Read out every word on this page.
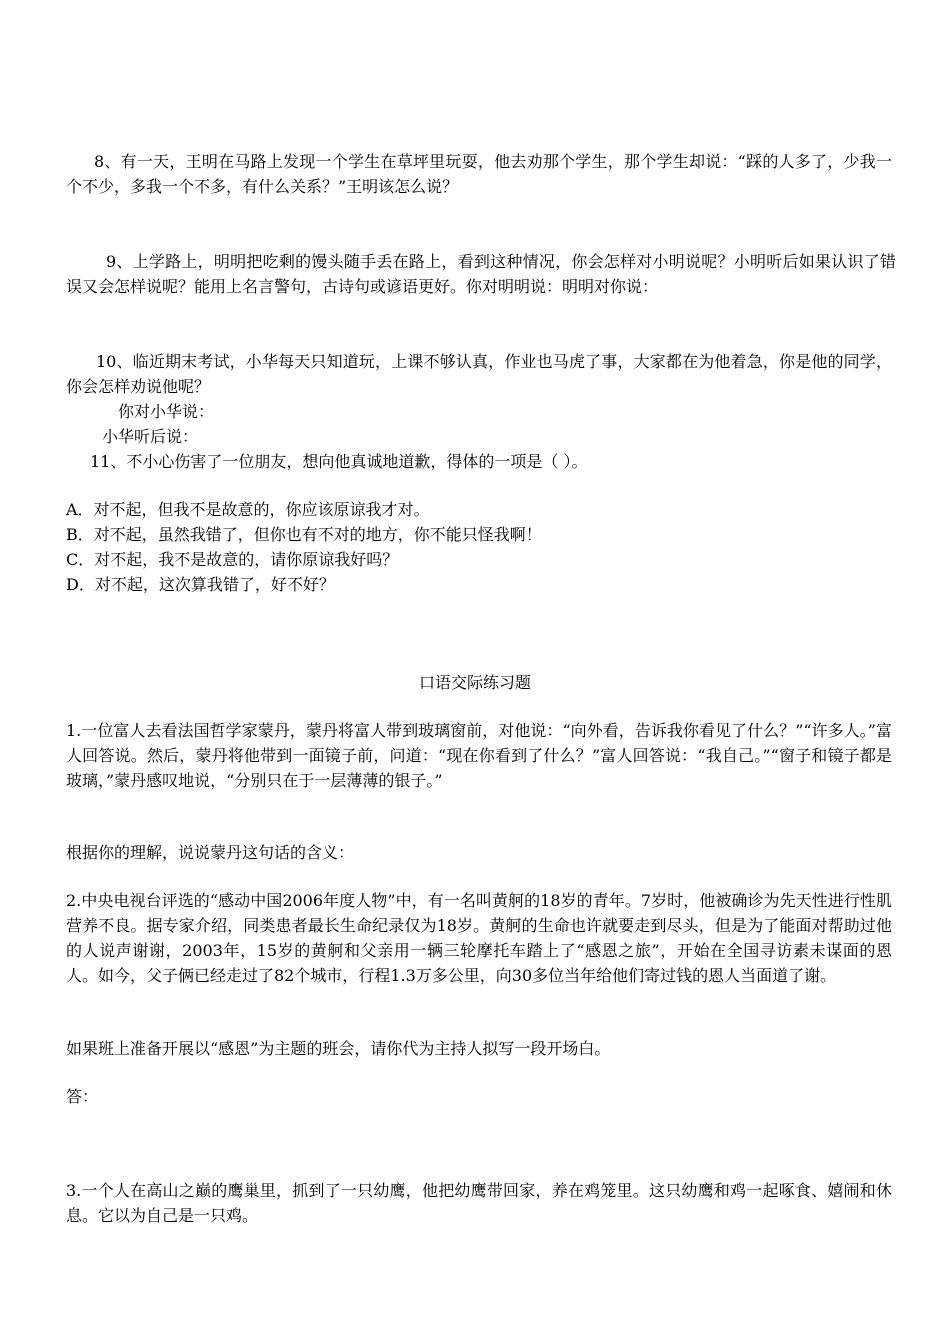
8、有一天，王明在马路上发现一个学生在草坪里玩耍，他去劝那个学生，那个学生却说：“踩的人多了，少我一个不少，多我一个不多，有什么关系？”王明该怎么说？

9、上学路上，明明把吃剩的馒头随手丢在路上，看到这种情况，你会怎样对小明说呢？小明听后如果认识了错误又会怎样说呢？能用上名言警句，古诗句或谚语更好。你对明明说：明明对你说：

10、临近期末考试，小华每天只知道玩，上课不够认真，作业也马虎了事，大家都在为他着急，你是他的同学，你会怎样劝说他呢？

你对小华说：

小华听后说：

11、不小心伤害了一位朋友，想向他真诚地道歉，得体的一项是（ ）。

A．对不起，但我不是故意的，你应该原谅我才对。

B．对不起，虽然我错了，但你也有不对的地方，你不能只怪我啊！

C．对不起，我不是故意的，请你原谅我好吗？

D．对不起，这次算我错了，好不好？

口语交际练习题

1.一位富人去看法国哲学家蒙丹，蒙丹将富人带到玻璃窗前，对他说：“向外看，告诉我你看见了什么？”“许多人。”富人回答说。然后，蒙丹将他带到一面镜子前，问道：“现在你看到了什么？”富人回答说：“我自己。”“窗子和镜子都是玻璃，”蒙丹感叹地说，“分别只在于一层薄薄的银子。”

根据你的理解，说说蒙丹这句话的含义：

2.中央电视台评选的“感动中国2006年度人物”中，有一名叫黄舸的18岁的青年。7岁时，他被确诊为先天性进行性肌营养不良。据专家介绍，同类患者最长生命纪录仅为18岁。黄舸的生命也许就要走到尽头，但是为了能面对帮助过他的人说声谢谢，2003年，15岁的黄舸和父亲用一辆三轮摩托车踏上了“感恩之旅”，开始在全国寻访素未谋面的恩人。如今，父子俩已经走过了82个城市，行程1.3万多公里，向30多位当年给他们寄过钱的恩人当面道了谢。

如果班上准备开展以“感恩”为主题的班会，请你代为主持人拟写一段开场白。

答：

3.一个人在高山之巅的鹰巢里，抓到了一只幼鹰，他把幼鹰带回家，养在鸡笼里。这只幼鹰和鸡一起啄食、嬉闹和休息。它以为自己是一只鸡。
